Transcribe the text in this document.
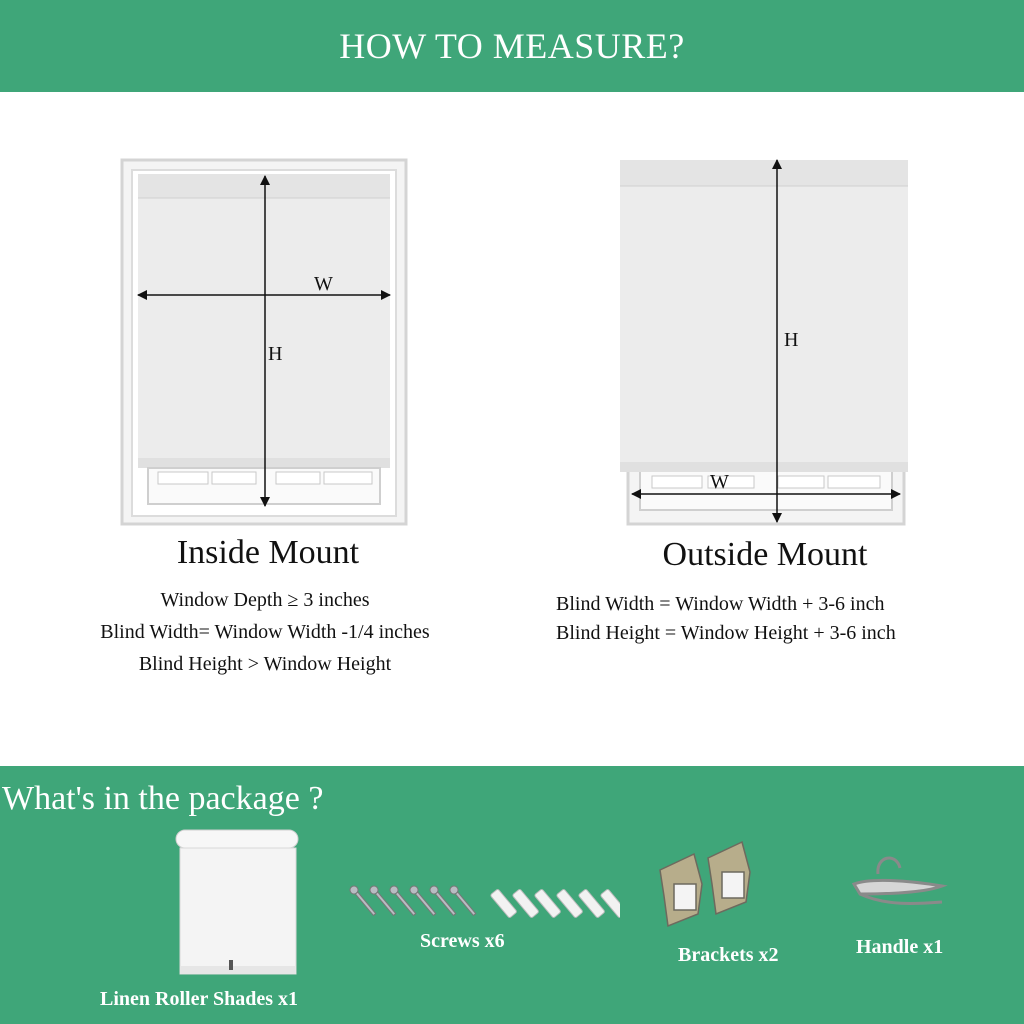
HOW TO MEASURE?
W
H
Inside Mount
Window Depth ≥ 3 inches
Blind Width= Window Width -1/4 inches
Blind Height > Window Height
H
W
Outside Mount
Blind Width = Window Width + 3-6 inch
Blind Height = Window Height + 3-6 inch
What's in the package ?
Linen Roller Shades x1
Screws x6
Brackets x2	Handle x1
